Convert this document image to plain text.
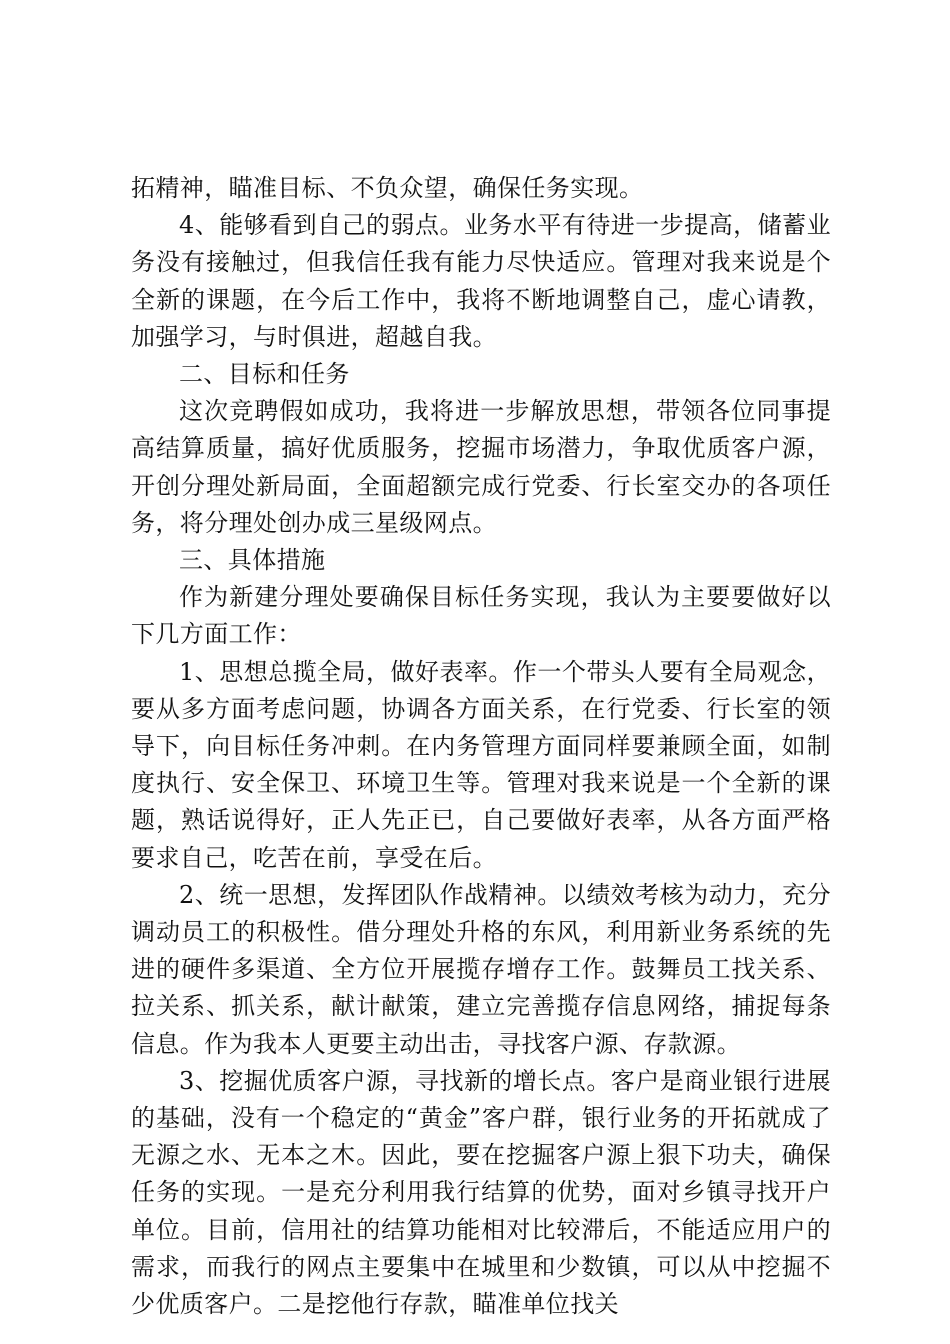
拓精神，瞄准目标、不负众望，确保任务实现。

4、能够看到自己的弱点。业务水平有待进一步提高，储蓄业务没有接触过，但我信任我有能力尽快适应。管理对我来说是个全新的课题，在今后工作中，我将不断地调整自己，虚心请教，加强学习，与时俱进，超越自我。

二、目标和任务

这次竞聘假如成功，我将进一步解放思想，带领各位同事提高结算质量，搞好优质服务，挖掘市场潜力，争取优质客户源，开创分理处新局面，全面超额完成行党委、行长室交办的各项任务，将分理处创办成三星级网点。

三、具体措施

作为新建分理处要确保目标任务实现，我认为主要要做好以下几方面工作：

1、思想总揽全局，做好表率。作一个带头人要有全局观念，要从多方面考虑问题，协调各方面关系，在行党委、行长室的领导下，向目标任务冲刺。在内务管理方面同样要兼顾全面，如制度执行、安全保卫、环境卫生等。管理对我来说是一个全新的课题，熟话说得好，正人先正已，自己要做好表率，从各方面严格要求自己，吃苦在前，享受在后。

2、统一思想，发挥团队作战精神。以绩效考核为动力，充分调动员工的积极性。借分理处升格的东风，利用新业务系统的先进的硬件多渠道、全方位开展揽存增存工作。鼓舞员工找关系、拉关系、抓关系，献计献策，建立完善揽存信息网络，捕捉每条信息。作为我本人更要主动出击，寻找客户源、存款源。

3、挖掘优质客户源，寻找新的增长点。客户是商业银行进展的基础，没有一个稳定的“黄金”客户群，银行业务的开拓就成了无源之水、无本之木。因此，要在挖掘客户源上狠下功夫，确保任务的实现。一是充分利用我行结算的优势，面对乡镇寻找开户单位。目前，信用社的结算功能相对比较滞后，不能适应用户的需求，而我行的网点主要集中在城里和少数镇，可以从中挖掘不少优质客户。二是挖他行存款，瞄准单位找关
